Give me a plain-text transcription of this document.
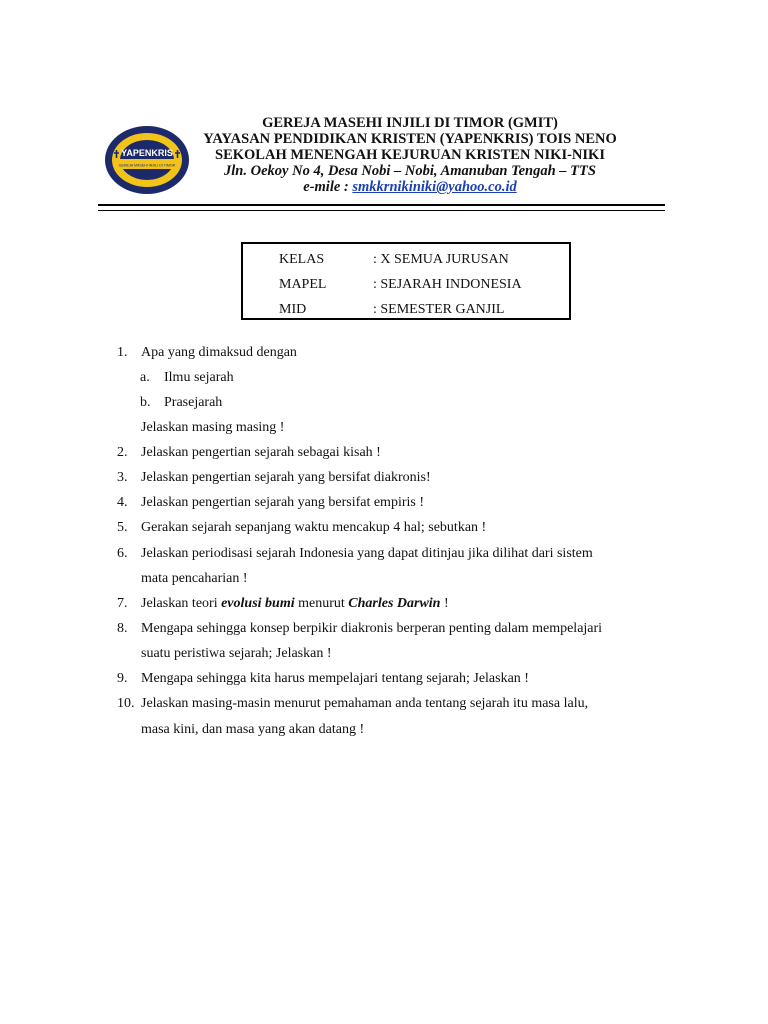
YAPENKRIS
GEREJA MASEHI INJILI DI TIMOR
GEREJA MASEHI INJILI DI TIMOR (GMIT)
YAYASAN PENDIDIKAN KRISTEN (YAPENKRIS) TOIS NENO
SEKOLAH MENENGAH KEJURUAN KRISTEN NIKI-NIKI
Jln. Oekoy No 4, Desa Nobi – Nobi, Amanuban Tengah – TTS
e-mile : smkkrnikiniki@yahoo.co.id
KELAS	: X SEMUA JURUSAN
MAPEL	: SEJARAH INDONESIA
MID	: SEMESTER GANJIL
1. Apa yang dimaksud dengan
a. Ilmu sejarah
b. Prasejarah
Jelaskan masing masing !
2. Jelaskan pengertian sejarah sebagai kisah !
3. Jelaskan pengertian sejarah yang bersifat diakronis!
4. Jelaskan pengertian sejarah yang bersifat empiris !
5. Gerakan sejarah sepanjang waktu mencakup 4 hal; sebutkan !
6. Jelaskan periodisasi sejarah Indonesia yang dapat ditinjau jika dilihat dari sistem
mata pencaharian !
7. Jelaskan teori evolusi bumi menurut Charles Darwin !
8. Mengapa sehingga konsep berpikir diakronis berperan penting dalam mempelajari
suatu peristiwa sejarah; Jelaskan !
9. Mengapa sehingga kita harus mempelajari tentang sejarah; Jelaskan !
10. Jelaskan masing-masin menurut pemahaman anda tentang sejarah itu masa lalu,
masa kini, dan masa yang akan datang !
